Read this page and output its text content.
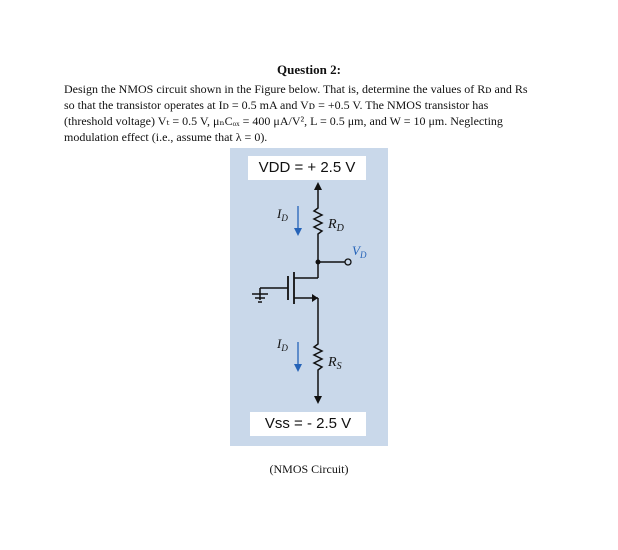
Question 2:
Design the NMOS circuit shown in the Figure below. That is, determine the values of Rᴅ and Rs
so that the transistor operates at Iᴅ = 0.5 mA and Vᴅ = +0.5 V. The NMOS transistor has
(threshold voltage) Vₜ = 0.5 V, μₙCₒₓ = 400 μA/V², L = 0.5 μm, and W = 10 μm. Neglecting
modulation effect (i.e., assume that λ = 0).
VDD = + 2.5 V
$I_D$	$R_D$
$V_D$
$I_D$
$R_S$
Vss = - 2.5 V
(NMOS Circuit)
